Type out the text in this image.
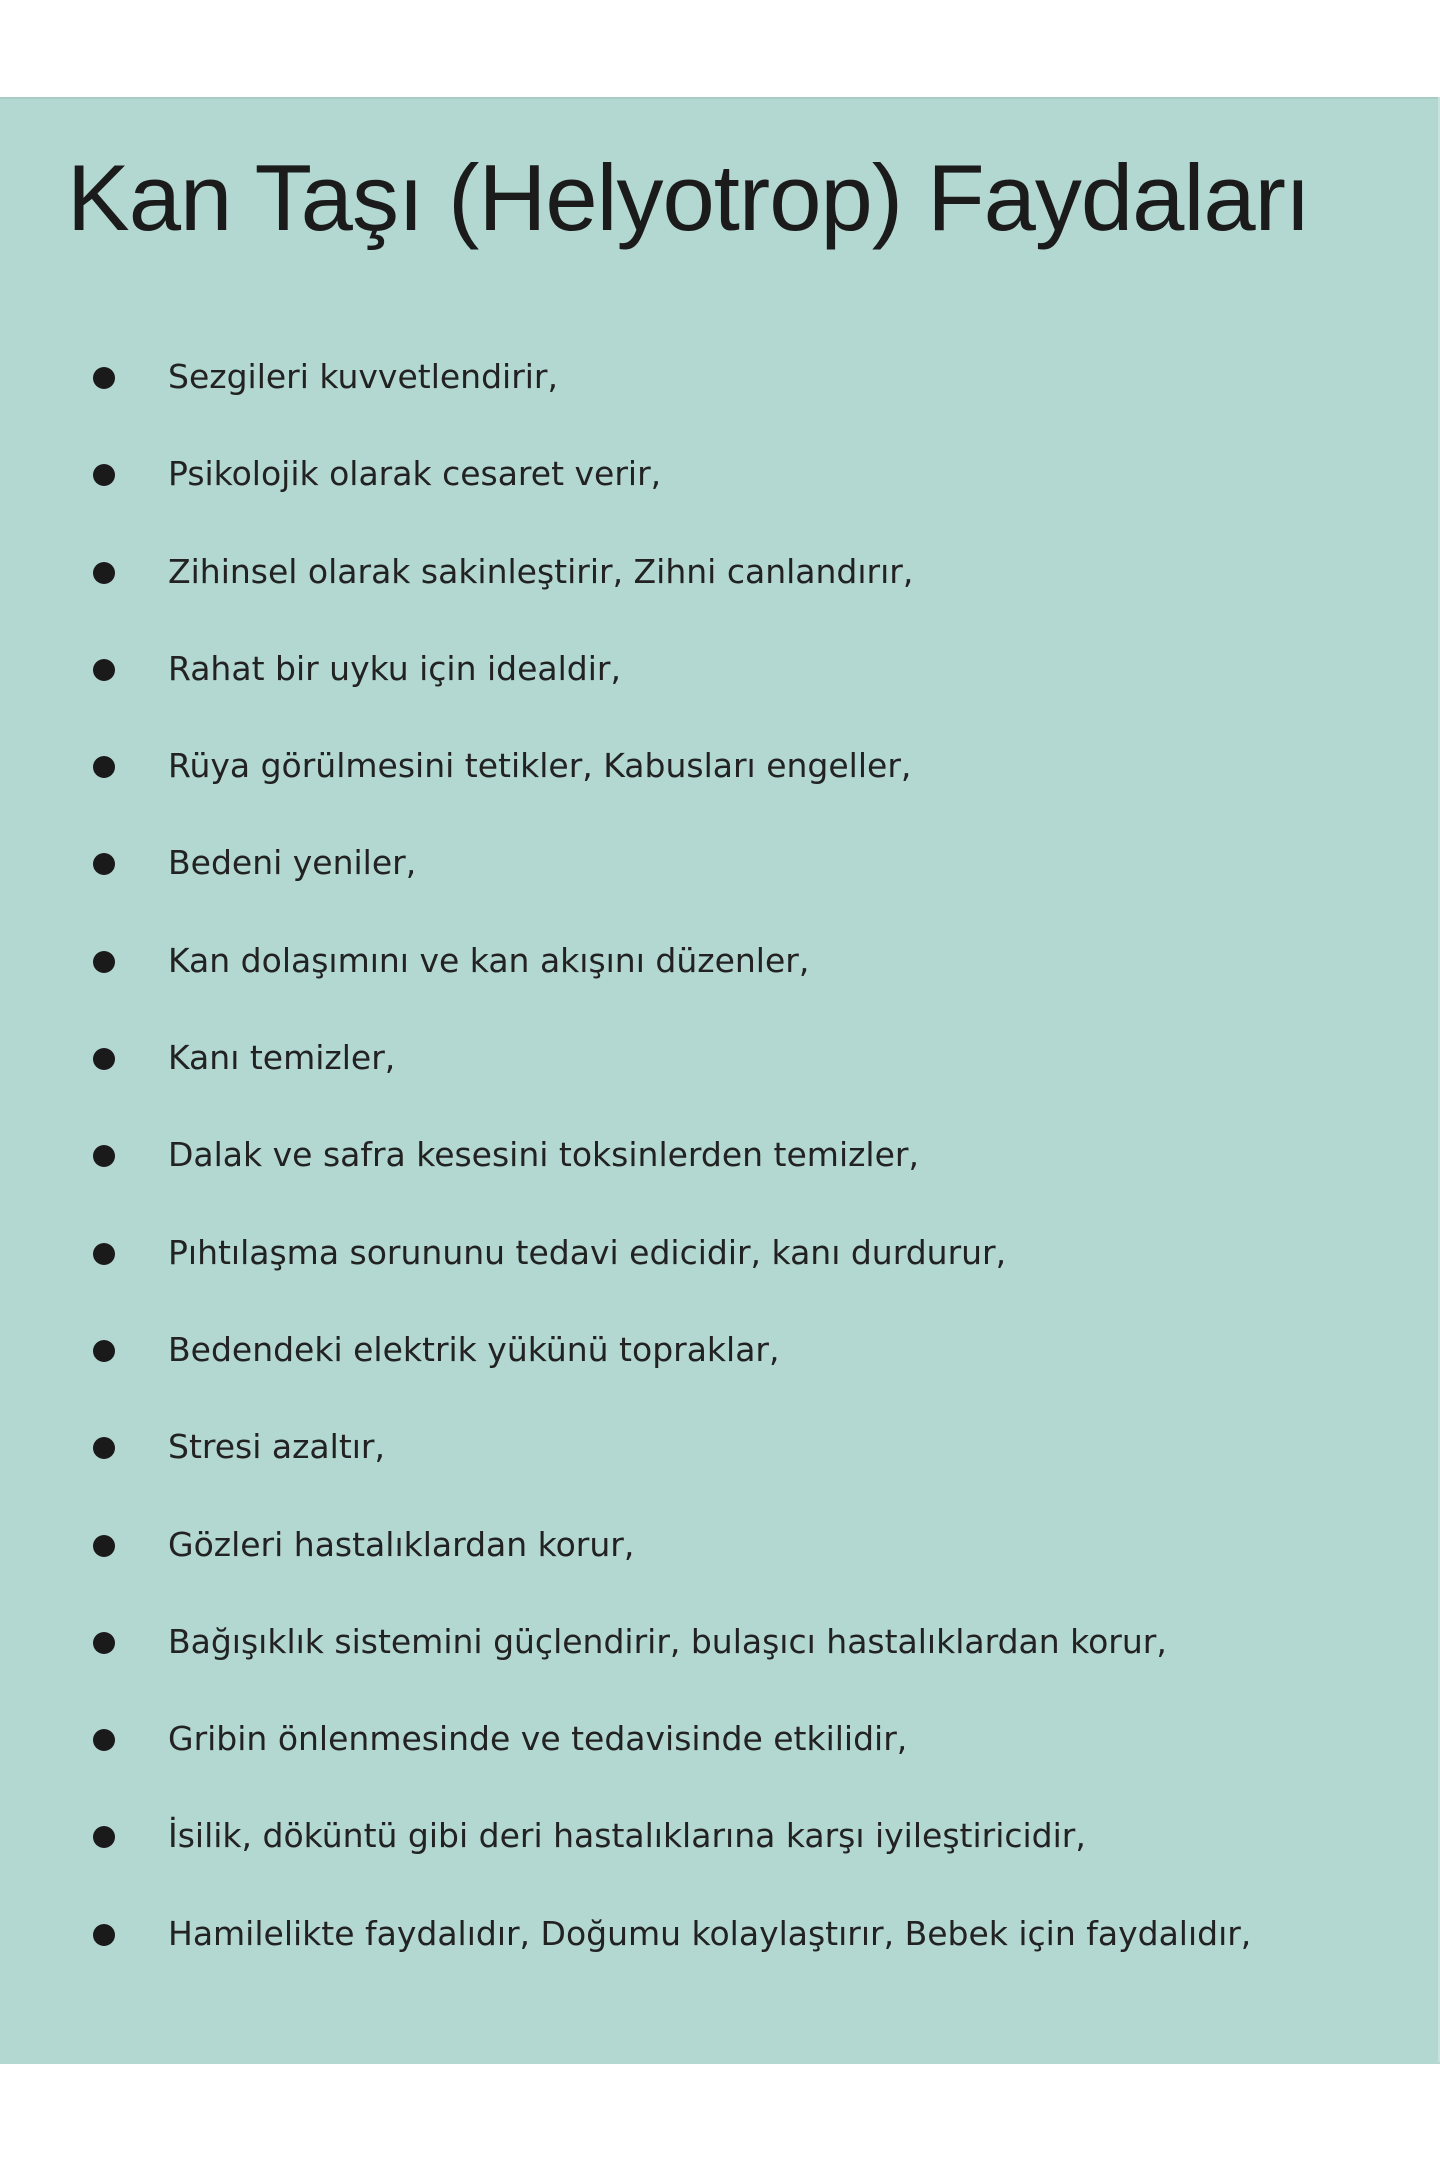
Kan Taşı (Helyotrop) Faydaları
Sezgileri kuvvetlendirir,
Psikolojik olarak cesaret verir,
Zihinsel olarak sakinleştirir, Zihni canlandırır,
Rahat bir uyku için idealdir,
Rüya görülmesini tetikler, Kabusları engeller,
Bedeni yeniler,
Kan dolaşımını ve kan akışını düzenler,
Kanı temizler,
Dalak ve safra kesesini toksinlerden temizler,
Pıhtılaşma sorununu tedavi edicidir, kanı durdurur,
Bedendeki elektrik yükünü topraklar,
Stresi azaltır,
Gözleri hastalıklardan korur,
Bağışıklık sistemini güçlendirir, bulaşıcı hastalıklardan korur,
Gribin önlenmesinde ve tedavisinde etkilidir,
İsilik, döküntü gibi deri hastalıklarına karşı iyileştiricidir,
Hamilelikte faydalıdır, Doğumu kolaylaştırır, Bebek için faydalıdır,
